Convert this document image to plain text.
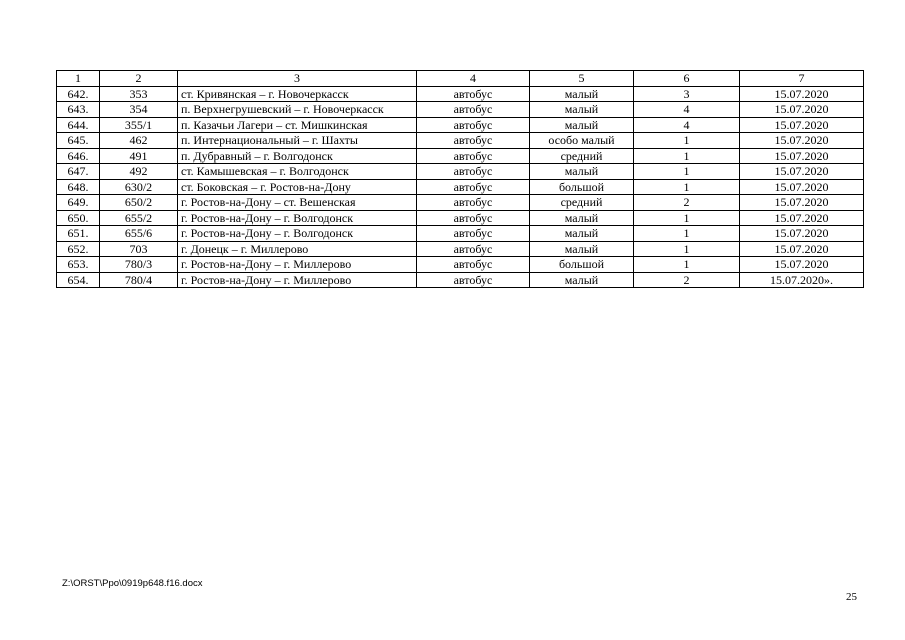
1	2	3	4	5	6	7
642.	353	ст. Кривянская – г. Новочеркасск	автобус	малый	3	15.07.2020
643.	354	п. Верхнегрушевский – г. Новочеркасск	автобус	малый	4	15.07.2020
644.	355/1	п. Казачьи Лагери – ст. Мишкинская	автобус	малый	4	15.07.2020
645.	462	п. Интернациональный – г. Шахты	автобус	особо малый	1	15.07.2020
646.	491	п. Дубравный – г. Волгодонск	автобус	средний	1	15.07.2020
647.	492	ст. Камышевская – г. Волгодонск	автобус	малый	1	15.07.2020
648.	630/2	ст. Боковская – г. Ростов-на-Дону	автобус	большой	1	15.07.2020
649.	650/2	г. Ростов-на-Дону – ст. Вешенская	автобус	средний	2	15.07.2020
650.	655/2	г. Ростов-на-Дону – г. Волгодонск	автобус	малый	1	15.07.2020
651.	655/6	г. Ростов-на-Дону – г. Волгодонск	автобус	малый	1	15.07.2020
652.	703	г. Донецк – г. Миллерово	автобус	малый	1	15.07.2020
653.	780/3	г. Ростов-на-Дону – г. Миллерово	автобус	большой	1	15.07.2020
654.	780/4	г. Ростов-на-Дону – г. Миллерово	автобус	малый	2	15.07.2020».
Z:\ORST\Ppo\0919p648.f16.docx
25
